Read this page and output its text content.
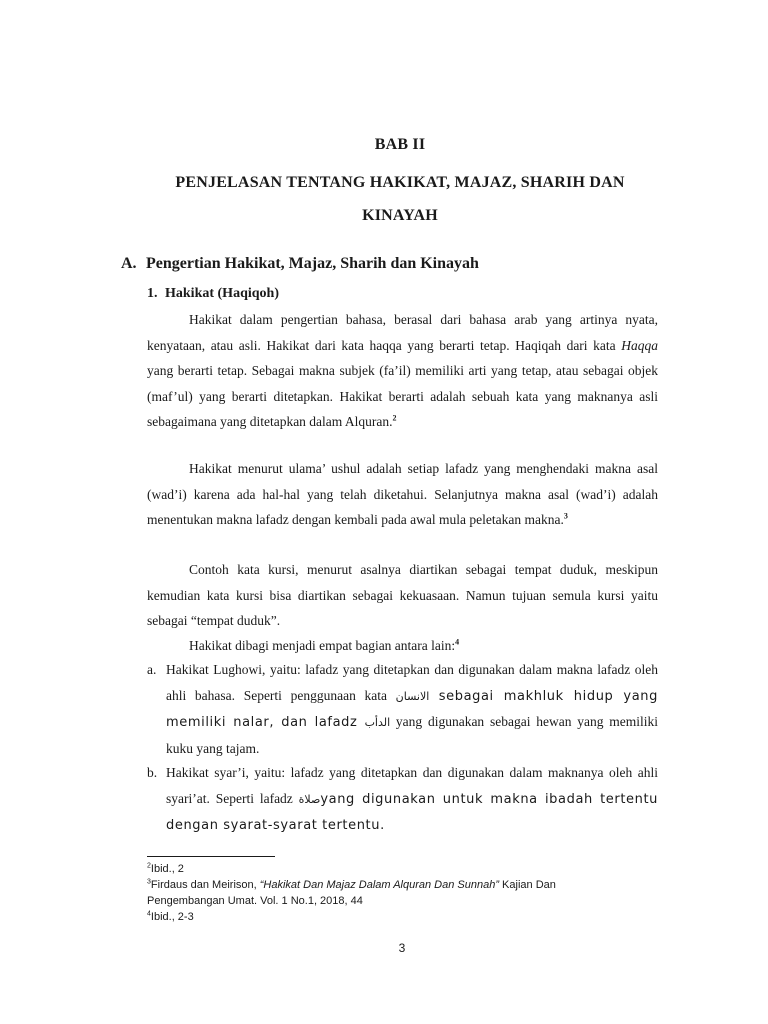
BAB II
PENJELASAN TENTANG HAKIKAT, MAJAZ, SHARIH DAN
KINAYAH
A. Pengertian Hakikat, Majaz, Sharih dan Kinayah
1. Hakikat (Haqiqoh)

Hakikat dalam pengertian bahasa, berasal dari bahasa arab yang artinya nyata, kenyataan, atau asli. Hakikat dari kata haqqa yang berarti tetap. Haqiqah dari kata Haqqa yang berarti tetap. Sebagai makna subjek (fa’il) memiliki arti yang tetap, atau sebagai objek (maf’ul) yang berarti ditetapkan. Hakikat berarti adalah sebuah kata yang maknanya asli sebagaimana yang ditetapkan dalam Alquran.$^2$

Hakikat menurut ulama’ ushul adalah setiap lafadz yang menghendaki makna asal (wad’i) karena ada hal-hal yang telah diketahui. Selanjutnya makna asal (wad’i) adalah menentukan makna lafadz dengan kembali pada awal mula peletakan makna.$^3$

Contoh kata kursi, menurut asalnya diartikan sebagai tempat duduk, meskipun kemudian kata kursi bisa diartikan sebagai kekuasaan. Namun tujuan semula kursi yaitu sebagai “tempat duduk”.

Hakikat dibagi menjadi empat bagian antara lain:$^4$

a. Hakikat Lughowi, yaitu: lafadz yang ditetapkan dan digunakan dalam makna lafadz oleh ahli bahasa. Seperti penggunaan kata الانسان sebagai makhluk hidup yang memiliki nalar, dan lafadz الدأب yang digunakan sebagai hewan yang memiliki kuku yang tajam.

b. Hakikat syar’i, yaitu: lafadz yang ditetapkan dan digunakan dalam maknanya oleh ahli syari’at. Seperti lafadz صلاةyang digunakan untuk makna ibadah tertentu dengan syarat-syarat tertentu.

$^2$Ibid., 2
$^3$Firdaus dan Meirison, “Hakikat Dan Majaz Dalam Alquran Dan Sunnah” Kajian Dan Pengembangan Umat. Vol. 1 No.1, 2018, 44
$^4$Ibid., 2-3
3
